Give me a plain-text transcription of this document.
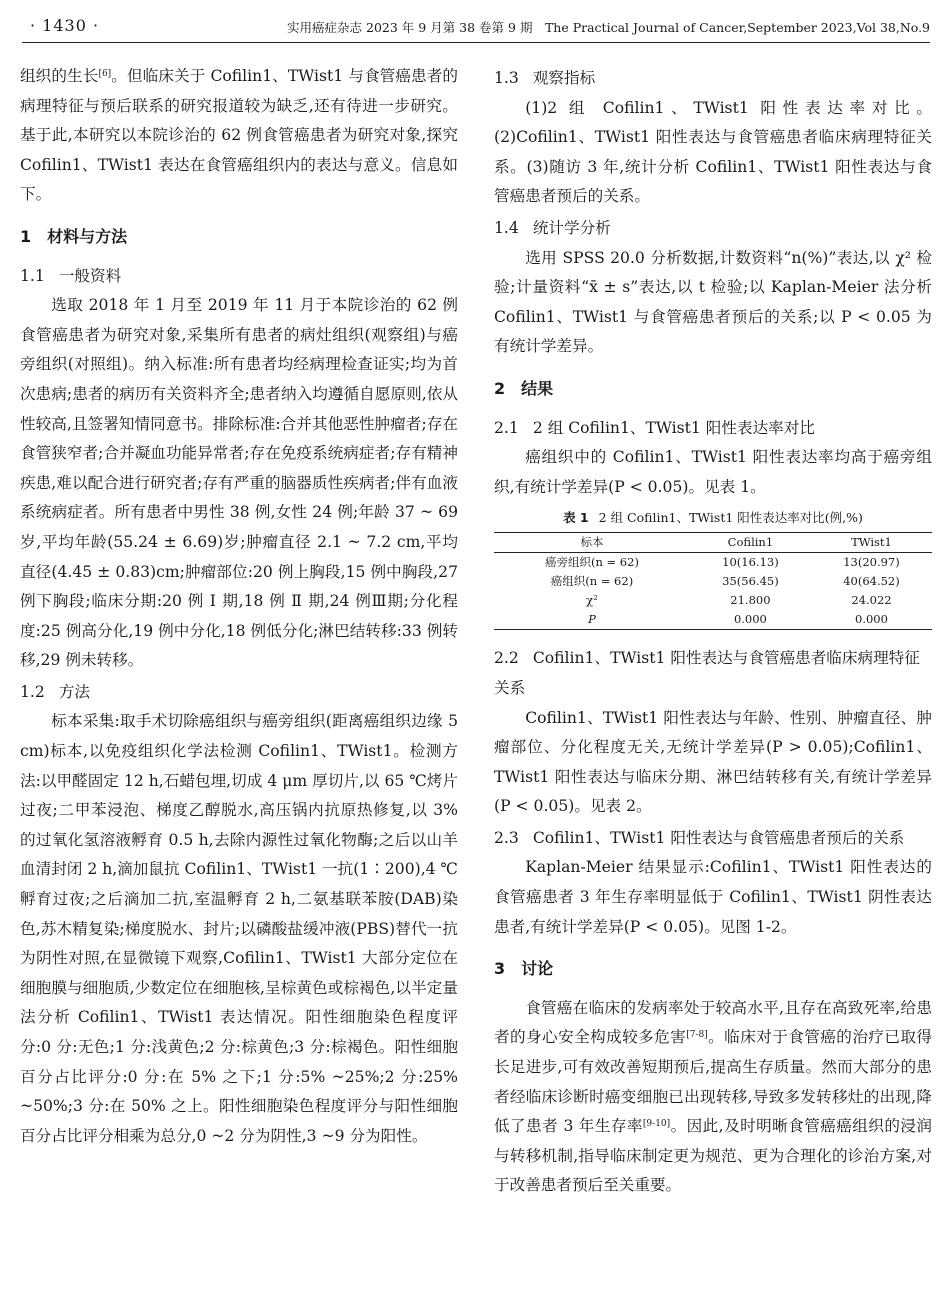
· 1430 ·	实用癌症杂志 2023 年 9 月第 38 卷第 9 期　The Practical Journal of Cancer,September 2023,Vol 38,No.9

组织的生长[6]。但临床关于 Cofilin1、TWist1 与食管癌患者的病理特征与预后联系的研究报道较为缺乏,还有待进一步研究。基于此,本研究以本院诊治的 62 例食管癌患者为研究对象,探究 Cofilin1、TWist1 表达在食管癌组织内的表达与意义。信息如下。

1　材料与方法
1.1 一般资料

选取 2018 年 1 月至 2019 年 11 月于本院诊治的 62 例食管癌患者为研究对象,采集所有患者的病灶组织(观察组)与癌旁组织(对照组)。纳入标准:所有患者均经病理检查证实;均为首次患病;患者的病历有关资料齐全;患者纳入均遵循自愿原则,依从性较高,且签署知情同意书。排除标准:合并其他恶性肿瘤者;存在食管狭窄者;合并凝血功能异常者;存在免疫系统病症者;存有精神疾患,难以配合进行研究者;存有严重的脑器质性疾病者;伴有血液系统病症者。所有患者中男性 38 例,女性 24 例;年龄 37 ~ 69 岁,平均年龄(55.24 ± 6.69)岁;肿瘤直径 2.1 ~ 7.2 cm,平均直径(4.45 ± 0.83)cm;肿瘤部位:20 例上胸段,15 例中胸段,27 例下胸段;临床分期:20 例 Ⅰ 期,18 例 Ⅱ 期,24 例Ⅲ期;分化程度:25 例高分化,19 例中分化,18 例低分化;淋巴结转移:33 例转移,29 例未转移。

1.2 方法

标本采集:取手术切除癌组织与癌旁组织(距离癌组织边缘 5 cm)标本,以免疫组织化学法检测 Cofilin1、TWist1。检测方法:以甲醛固定 12 h,石蜡包埋,切成 4 μm 厚切片,以 65 ℃烤片过夜;二甲苯浸泡、梯度乙醇脱水,高压锅内抗原热修复,以 3% 的过氧化氢溶液孵育 0.5 h,去除内源性过氧化物酶;之后以山羊血清封闭 2 h,滴加鼠抗 Cofilin1、TWist1 一抗(1∶200),4 ℃孵育过夜;之后滴加二抗,室温孵育 2 h,二氨基联苯胺(DAB)染色,苏木精复染;梯度脱水、封片;以磷酸盐缓冲液(PBS)替代一抗为阴性对照,在显微镜下观察,Cofilin1、TWist1 大部分定位在细胞膜与细胞质,少数定位在细胞核,呈棕黄色或棕褐色,以半定量法分析 Cofilin1、TWist1 表达情况。阳性细胞染色程度评分:0 分:无色;1 分:浅黄色;2 分:棕黄色;3 分:棕褐色。阳性细胞百分占比评分:0 分:在 5% 之下;1 分:5% ~25%;2 分:25% ~50%;3 分:在 50% 之上。阳性细胞染色程度评分与阳性细胞百分占比评分相乘为总分,0 ~2 分为阴性,3 ~9 分为阳性。

1.3 观察指标

(1)2 组 Cofilin1、TWist1 阳性表达率对比。(2)Cofilin1、TWist1 阳性表达与食管癌患者临床病理特征关系。(3)随访 3 年,统计分析 Cofilin1、TWist1 阳性表达与食管癌患者预后的关系。

1.4 统计学分析

选用 SPSS 20.0 分析数据,计数资料“n(%)”表达,以 χ² 检验;计量资料“x̄ ± s”表达,以 t 检验;以 Kaplan-Meier 法分析 Cofilin1、TWist1 与食管癌患者预后的关系;以 P < 0.05 为有统计学差异。

2　结果
2.1 2 组 Cofilin1、TWist1 阳性表达率对比

癌组织中的 Cofilin1、TWist1 阳性表达率均高于癌旁组织,有统计学差异(P < 0.05)。见表 1。

表 1 2 组 Cofilin1、TWist1 阳性表达率对比(例,%)
标本	Cofilin1	TWist1
癌旁组织(n = 62)	10(16.13)	13(20.97)
癌组织(n = 62)	35(56.45)	40(64.52)
χ²	21.800	24.022
P	0.000	0.000
2.2 Cofilin1、TWist1 阳性表达与食管癌患者临床病理特征关系

Cofilin1、TWist1 阳性表达与年龄、性别、肿瘤直径、肿瘤部位、分化程度无关,无统计学差异(P > 0.05);Cofilin1、TWist1 阳性表达与临床分期、淋巴结转移有关,有统计学差异(P < 0.05)。见表 2。

2.3 Cofilin1、TWist1 阳性表达与食管癌患者预后的关系

Kaplan-Meier 结果显示:Cofilin1、TWist1 阳性表达的食管癌患者 3 年生存率明显低于 Cofilin1、TWist1 阴性表达患者,有统计学差异(P < 0.05)。见图 1-2。

3　讨论

食管癌在临床的发病率处于较高水平,且存在高致死率,给患者的身心安全构成较多危害[7-8]。临床对于食管癌的治疗已取得长足进步,可有效改善短期预后,提高生存质量。然而大部分的患者经临床诊断时癌变细胞已出现转移,导致多发转移灶的出现,降低了患者 3 年生存率[9-10]。因此,及时明晰食管癌癌组织的浸润与转移机制,指导临床制定更为规范、更为合理化的诊治方案,对于改善患者预后至关重要。
